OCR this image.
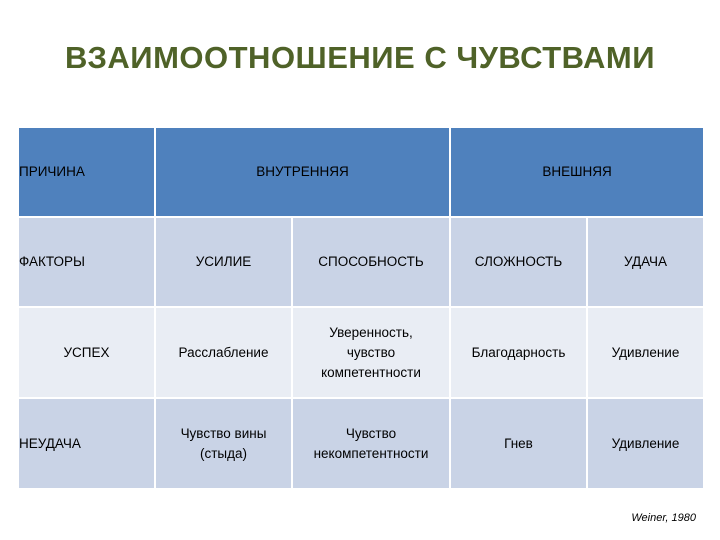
ВЗАИМООТНОШЕНИЕ С ЧУВСТВАМИ
ПРИЧИНА	ВНУТРЕННЯЯ		ВНЕШНЯЯ	
ФАКТОРЫ	УСИЛИЕ	СПОСОБНОСТЬ	СЛОЖНОСТЬ	УДАЧА
УСПЕХ	Расслабление	Уверенность, чувство компетентности	Благодарность	Удивление
НЕУДАЧА	Чувство вины (стыда)	Чувство некомпетентности	Гнев	Удивление
Weiner, 1980
